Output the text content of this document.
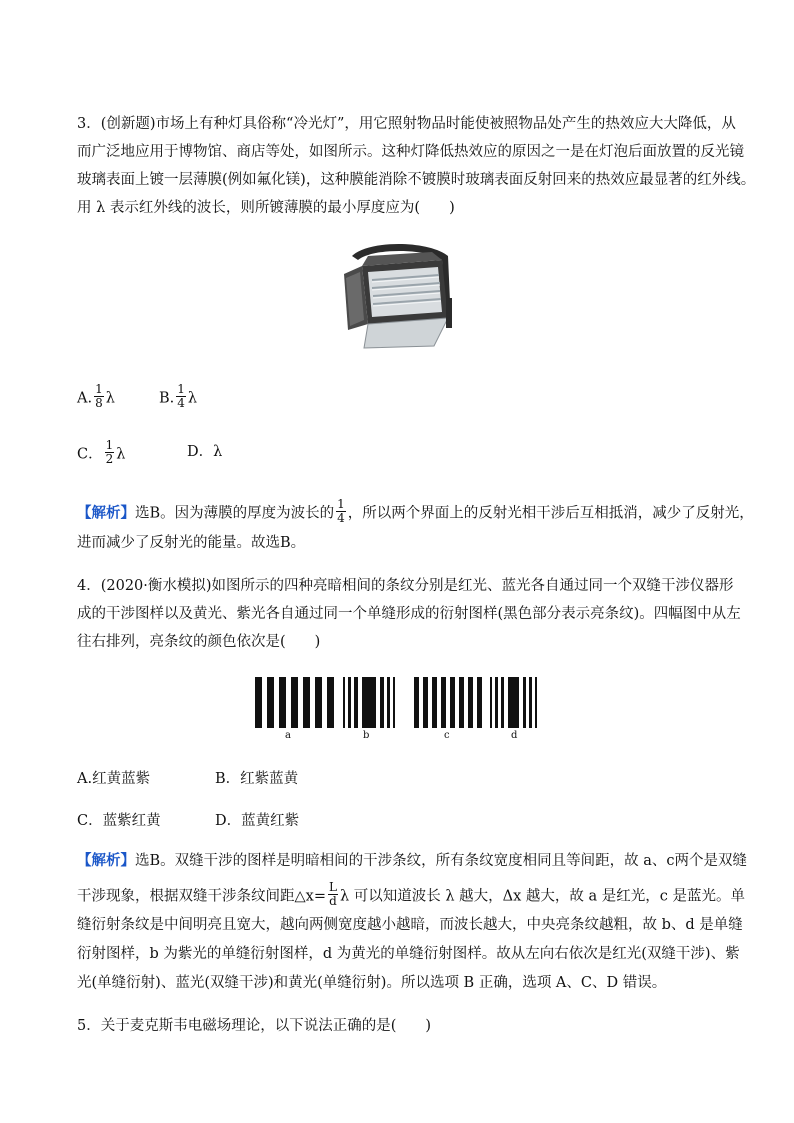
3．(创新题)市场上有种灯具俗称“冷光灯”，用它照射物品时能使被照物品处产生的热效应大大降低，从
而广泛地应用于博物馆、商店等处，如图所示。这种灯降低热效应的原因之一是在灯泡后面放置的反光镜
玻璃表面上镀一层薄膜(例如氟化镁)，这种膜能消除不镀膜时玻璃表面反射回来的热效应最显著的红外线。
用 λ 表示红外线的波长，则所镀薄膜的最小厚度应为(　　)
A. $\frac{1}{8}$ λ	B. $\frac{1}{4}$ λ
C． $\frac{1}{2}$ λ	D．λ
【解析】选B。因为薄膜的厚度为波长的 $\frac{1}{4}$ ，所以两个界面上的反射光相干涉后互相抵消，减少了反射光，
进而减少了反射光的能量。故选B。
4．(2020·衡水模拟)如图所示的四种亮暗相间的条纹分别是红光、蓝光各自通过同一个双缝干涉仪器形
成的干涉图样以及黄光、紫光各自通过同一个单缝形成的衍射图样(黑色部分表示亮条纹)。四幅图中从左
往右排列，亮条纹的颜色依次是(　　)
a	b	c	d
A.红黄蓝紫	B．红紫蓝黄
C．蓝紫红黄	D．蓝黄红紫
【解析】选B。双缝干涉的图样是明暗相间的干涉条纹，所有条纹宽度相同且等间距，故 a、c两个是双缝
干涉现象，根据双缝干涉条纹间距△x= $\frac{L}{d}$ λ 可以知道波长 λ 越大，Δx 越大，故 a 是红光，c 是蓝光。单
缝衍射条纹是中间明亮且宽大，越向两侧宽度越小越暗，而波长越大，中央亮条纹越粗，故 b、d 是单缝
衍射图样，b 为紫光的单缝衍射图样，d 为黄光的单缝衍射图样。故从左向右依次是红光(双缝干涉)、紫
光(单缝衍射)、蓝光(双缝干涉)和黄光(单缝衍射)。所以选项 B 正确，选项 A、C、D 错误。
5．关于麦克斯韦电磁场理论，以下说法正确的是(　　)
